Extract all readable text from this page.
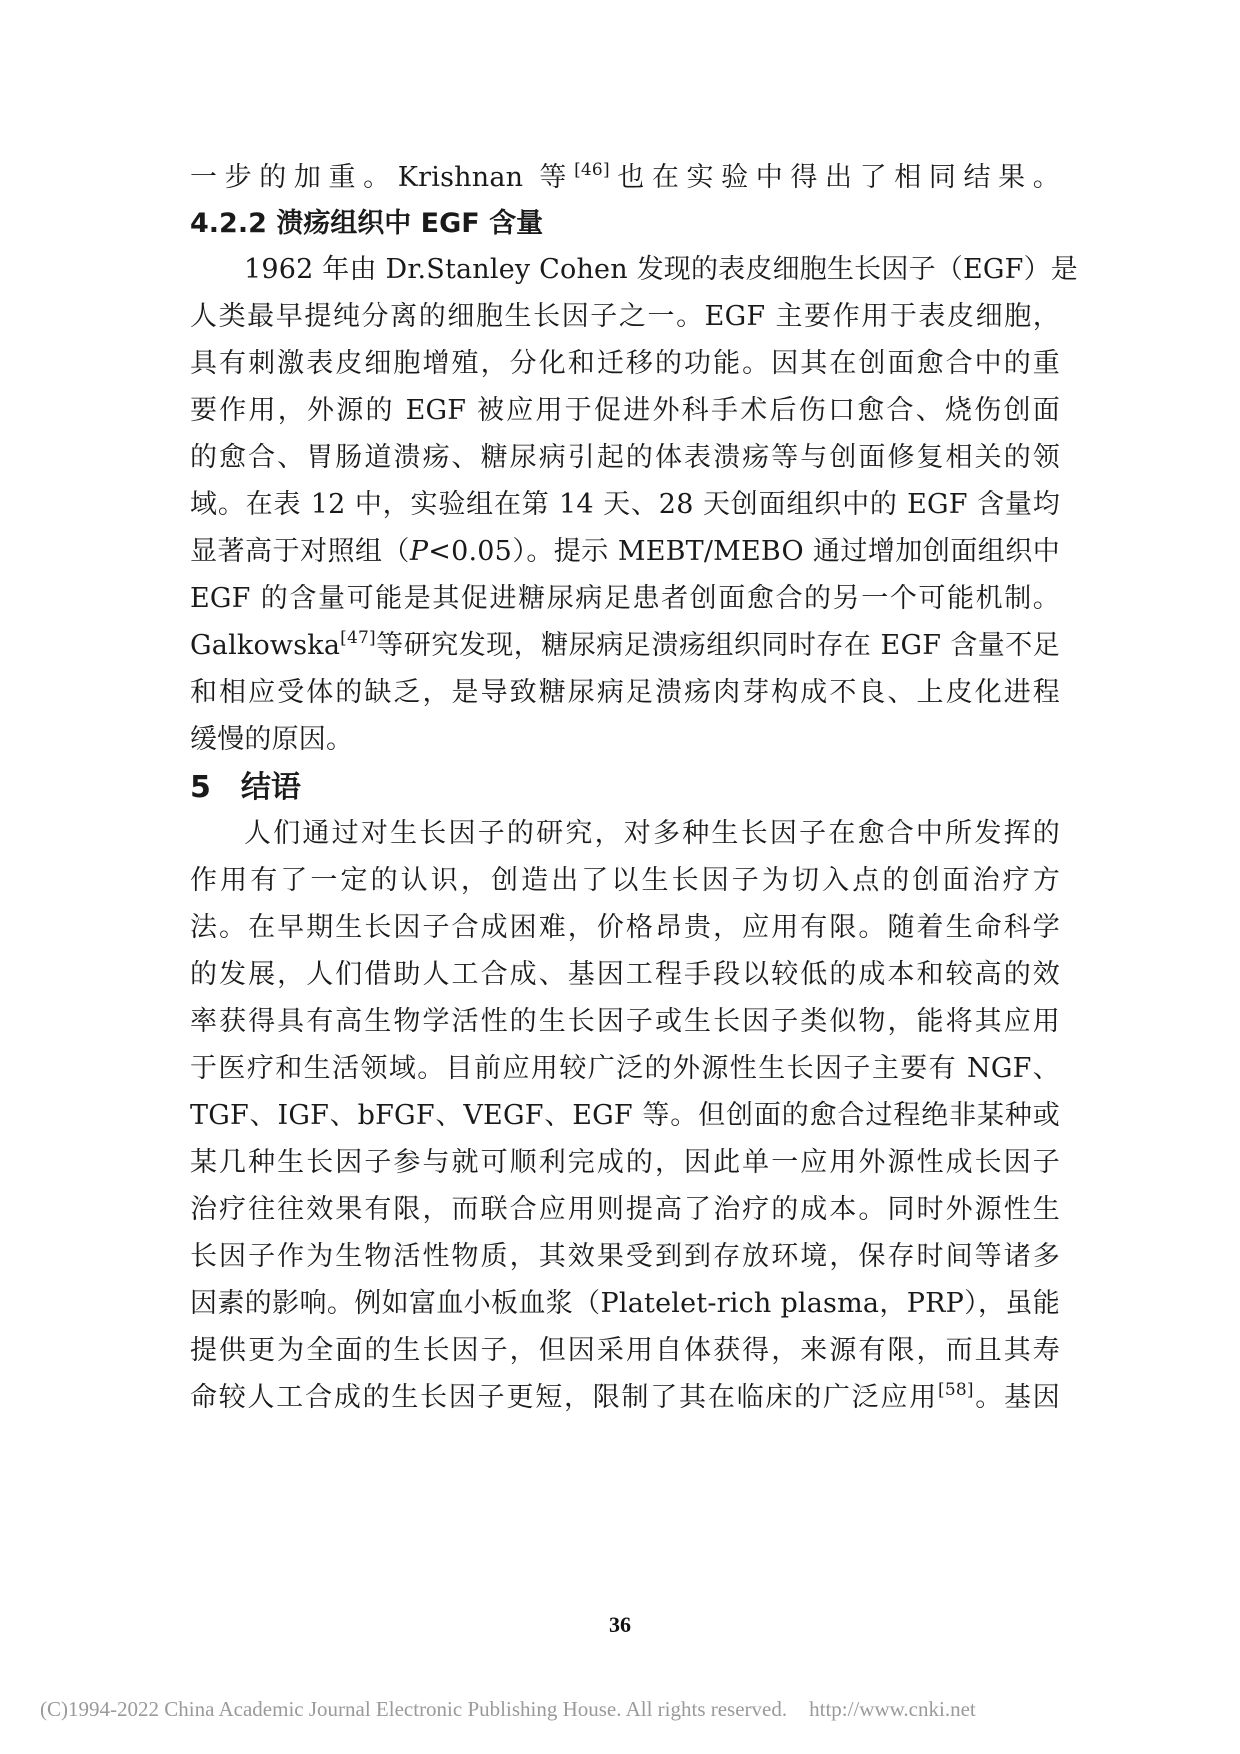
一步的加重。Krishnan 等[46]也在实验中得出了相同结果。
4.2.2 溃疡组织中 EGF 含量
1962 年由 Dr.Stanley Cohen 发现的表皮细胞生长因子（EGF）是
人类最早提纯分离的细胞生长因子之一。EGF 主要作用于表皮细胞，
具有刺激表皮细胞增殖，分化和迁移的功能。因其在创面愈合中的重
要作用，外源的 EGF 被应用于促进外科手术后伤口愈合、烧伤创面
的愈合、胃肠道溃疡、糖尿病引起的体表溃疡等与创面修复相关的领
域。在表 12 中，实验组在第 14 天、28 天创面组织中的 EGF 含量均
显著高于对照组（P<0.05）。提示 MEBT/MEBO 通过增加创面组织中
EGF 的含量可能是其促进糖尿病足患者创面愈合的另一个可能机制。
Galkowska[47]等研究发现，糖尿病足溃疡组织同时存在 EGF 含量不足
和相应受体的缺乏，是导致糖尿病足溃疡肉芽构成不良、上皮化进程
缓慢的原因。
5　结语
人们通过对生长因子的研究，对多种生长因子在愈合中所发挥的
作用有了一定的认识，创造出了以生长因子为切入点的创面治疗方
法。在早期生长因子合成困难，价格昂贵，应用有限。随着生命科学
的发展，人们借助人工合成、基因工程手段以较低的成本和较高的效
率获得具有高生物学活性的生长因子或生长因子类似物，能将其应用
于医疗和生活领域。目前应用较广泛的外源性生长因子主要有 NGF、
TGF、IGF、bFGF、VEGF、EGF 等。但创面的愈合过程绝非某种或
某几种生长因子参与就可顺利完成的，因此单一应用外源性成长因子
治疗往往效果有限，而联合应用则提高了治疗的成本。同时外源性生
长因子作为生物活性物质，其效果受到到存放环境，保存时间等诸多
因素的影响。例如富血小板血浆（Platelet-rich plasma，PRP），虽能
提供更为全面的生长因子，但因采用自体获得，来源有限，而且其寿
命较人工合成的生长因子更短，限制了其在临床的广泛应用[58]。基因
36
(C)1994-2022 China Academic Journal Electronic Publishing House. All rights reserved. http://www.cnki.net
